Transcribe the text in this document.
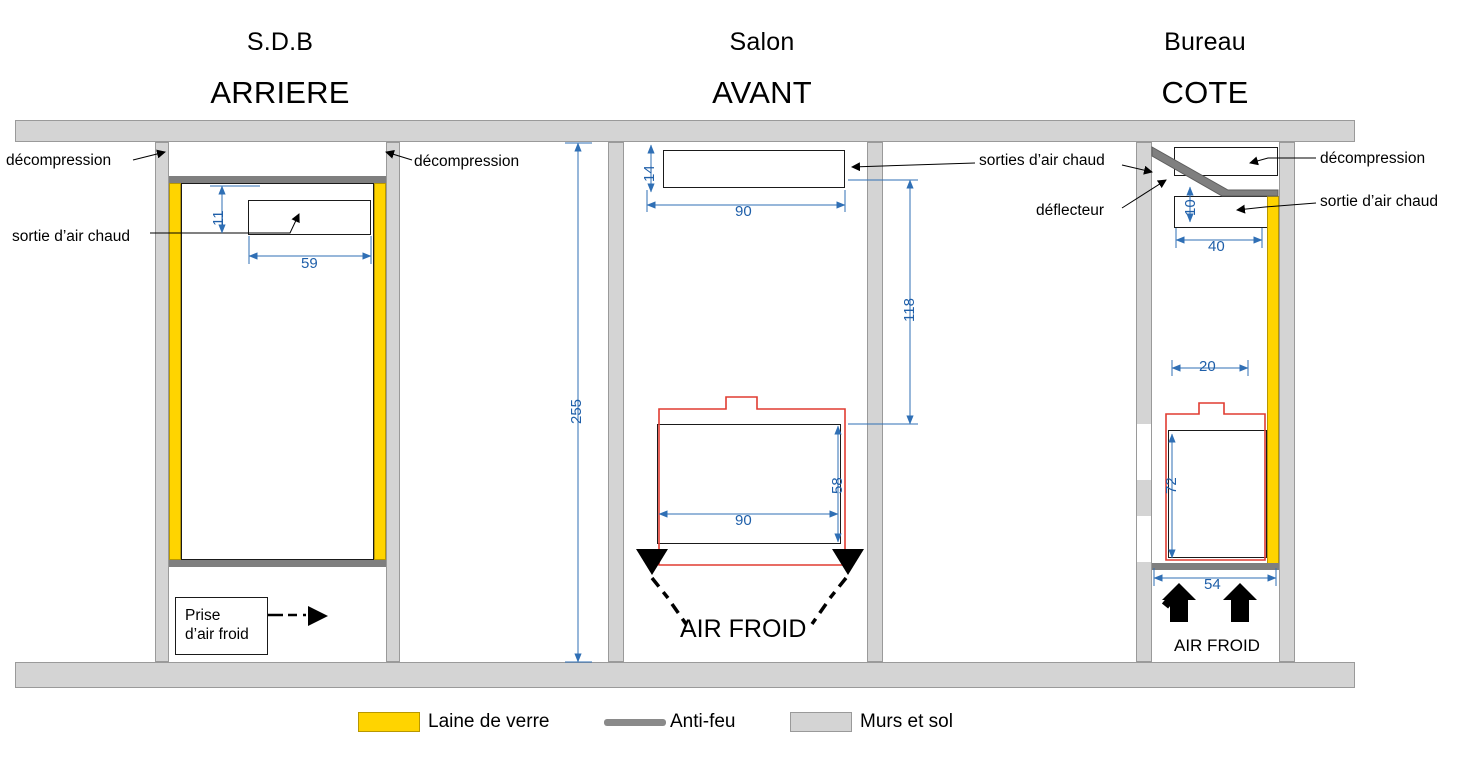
S.D.B
ARRIERE
Salon
AVANT
Bureau
COTE
Prise
d’air froid
décompression	décompression	décompression
sortie d’air chaud
sorties d’air chaud
sortie d’air chaud
déflecteur
AIR FROID
AIR FROID
11
59
255
14
90
118
58
90
10
40
20
72
54
Laine de verre	Anti-feu	Murs et sol
